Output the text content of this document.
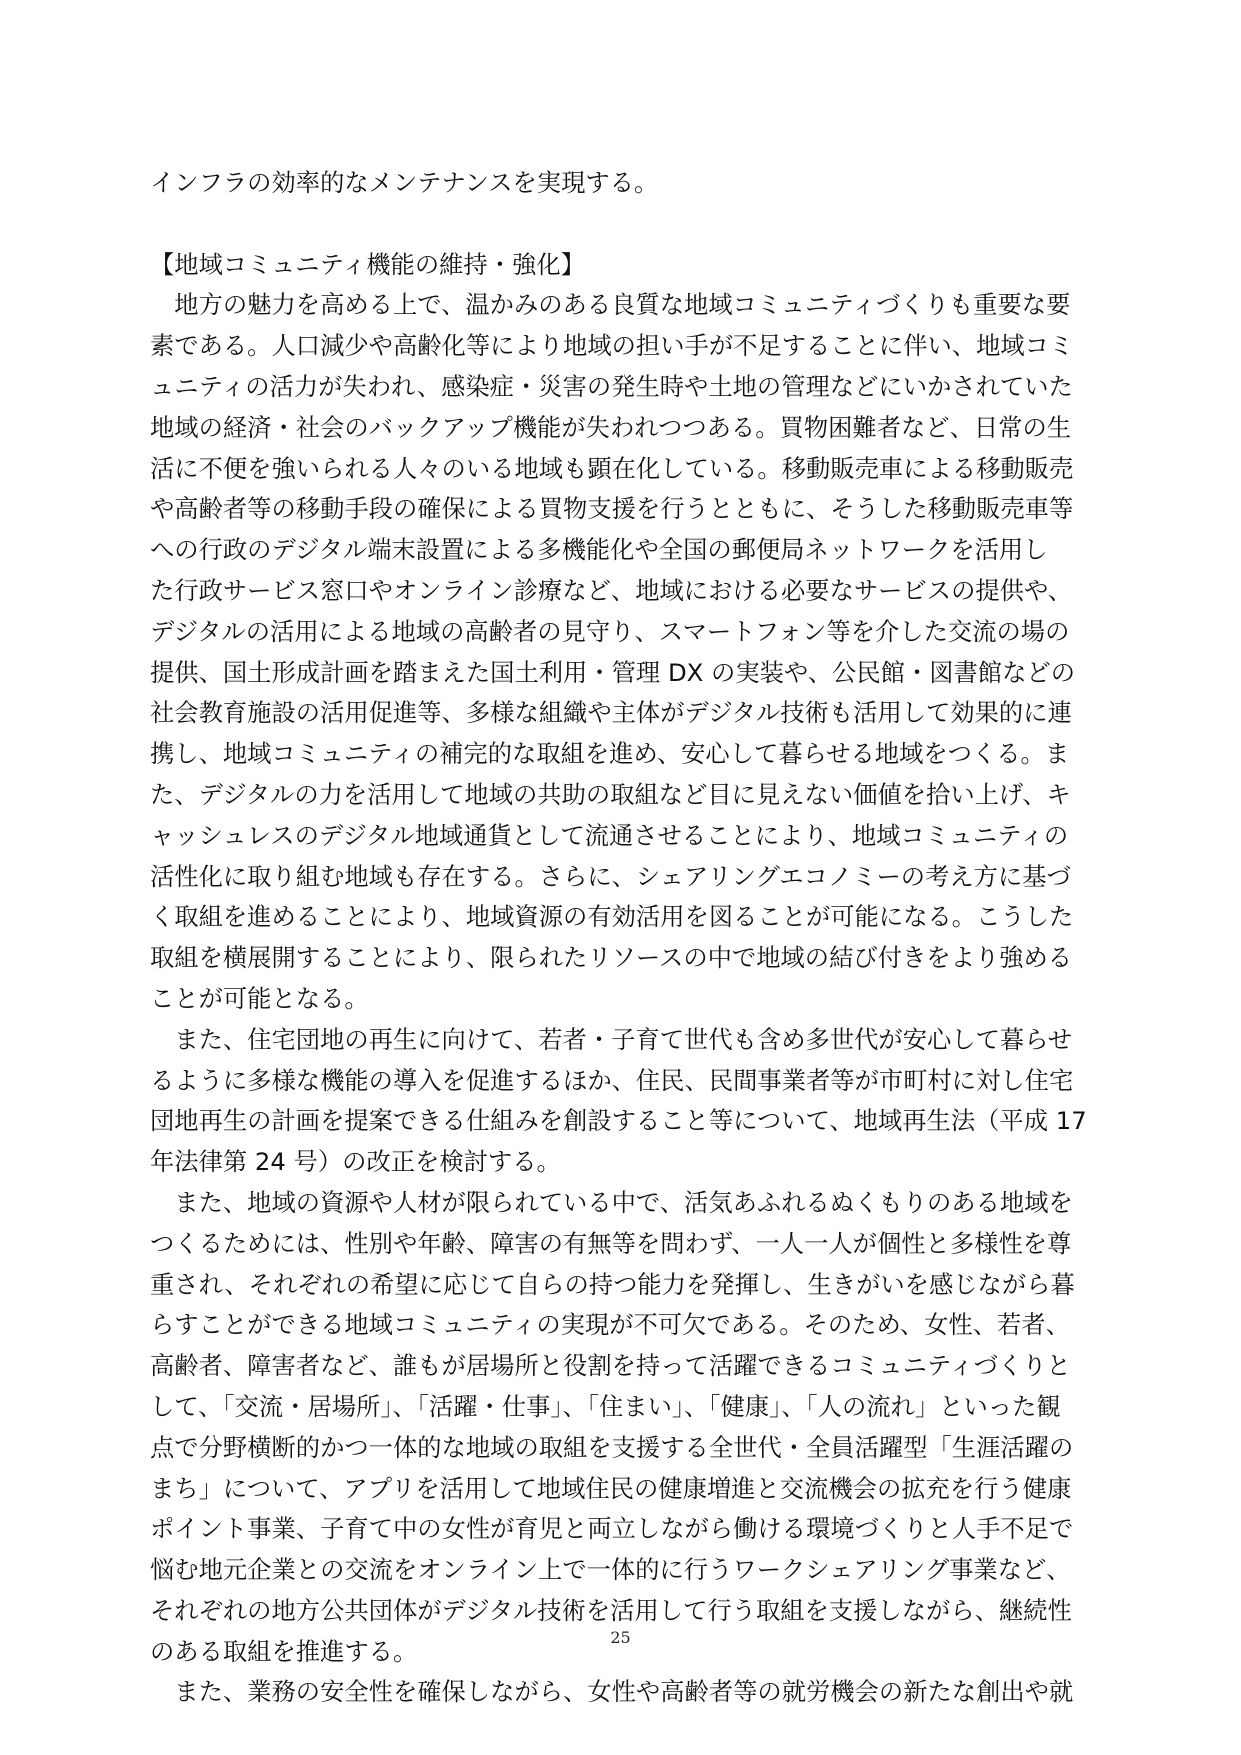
インフラの効率的なメンテナンスを実現する。
【地域コミュニティ機能の維持・強化】
　地方の魅力を高める上で、温かみのある良質な地域コミュニティづくりも重要な要
素である。人口減少や高齢化等により地域の担い手が不足することに伴い、地域コミ
ュニティの活力が失われ、感染症・災害の発生時や土地の管理などにいかされていた
地域の経済・社会のバックアップ機能が失われつつある。買物困難者など、日常の生
活に不便を強いられる人々のいる地域も顕在化している。移動販売車による移動販売
や高齢者等の移動手段の確保による買物支援を行うとともに、そうした移動販売車等
への行政のデジタル端末設置による多機能化や全国の郵便局ネットワークを活用し
た行政サービス窓口やオンライン診療など、地域における必要なサービスの提供や、
デジタルの活用による地域の高齢者の見守り、スマートフォン等を介した交流の場の
提供、国土形成計画を踏まえた国土利用・管理 DX の実装や、公民館・図書館などの
社会教育施設の活用促進等、多様な組織や主体がデジタル技術も活用して効果的に連
携し、地域コミュニティの補完的な取組を進め、安心して暮らせる地域をつくる。ま
た、デジタルの力を活用して地域の共助の取組など目に見えない価値を拾い上げ、キ
ャッシュレスのデジタル地域通貨として流通させることにより、地域コミュニティの
活性化に取り組む地域も存在する。さらに、シェアリングエコノミーの考え方に基づ
く取組を進めることにより、地域資源の有効活用を図ることが可能になる。こうした
取組を横展開することにより、限られたリソースの中で地域の結び付きをより強める
ことが可能となる。
　また、住宅団地の再生に向けて、若者・子育て世代も含め多世代が安心して暮らせ
るように多様な機能の導入を促進するほか、住民、民間事業者等が市町村に対し住宅
団地再生の計画を提案できる仕組みを創設すること等について、地域再生法（平成 17
年法律第 24 号）の改正を検討する。
　また、地域の資源や人材が限られている中で、活気あふれるぬくもりのある地域を
つくるためには、性別や年齢、障害の有無等を問わず、一人一人が個性と多様性を尊
重され、それぞれの希望に応じて自らの持つ能力を発揮し、生きがいを感じながら暮
らすことができる地域コミュニティの実現が不可欠である。そのため、女性、若者、
高齢者、障害者など、誰もが居場所と役割を持って活躍できるコミュニティづくりと
して、「交流・居場所」、「活躍・仕事」、「住まい」、「健康」、「人の流れ」といった観
点で分野横断的かつ一体的な地域の取組を支援する全世代・全員活躍型「生涯活躍の
まち」について、アプリを活用して地域住民の健康増進と交流機会の拡充を行う健康
ポイント事業、子育て中の女性が育児と両立しながら働ける環境づくりと人手不足で
悩む地元企業との交流をオンライン上で一体的に行うワークシェアリング事業など、
それぞれの地方公共団体がデジタル技術を活用して行う取組を支援しながら、継続性
のある取組を推進する。
　また、業務の安全性を確保しながら、女性や高齢者等の就労機会の新たな創出や就
25
